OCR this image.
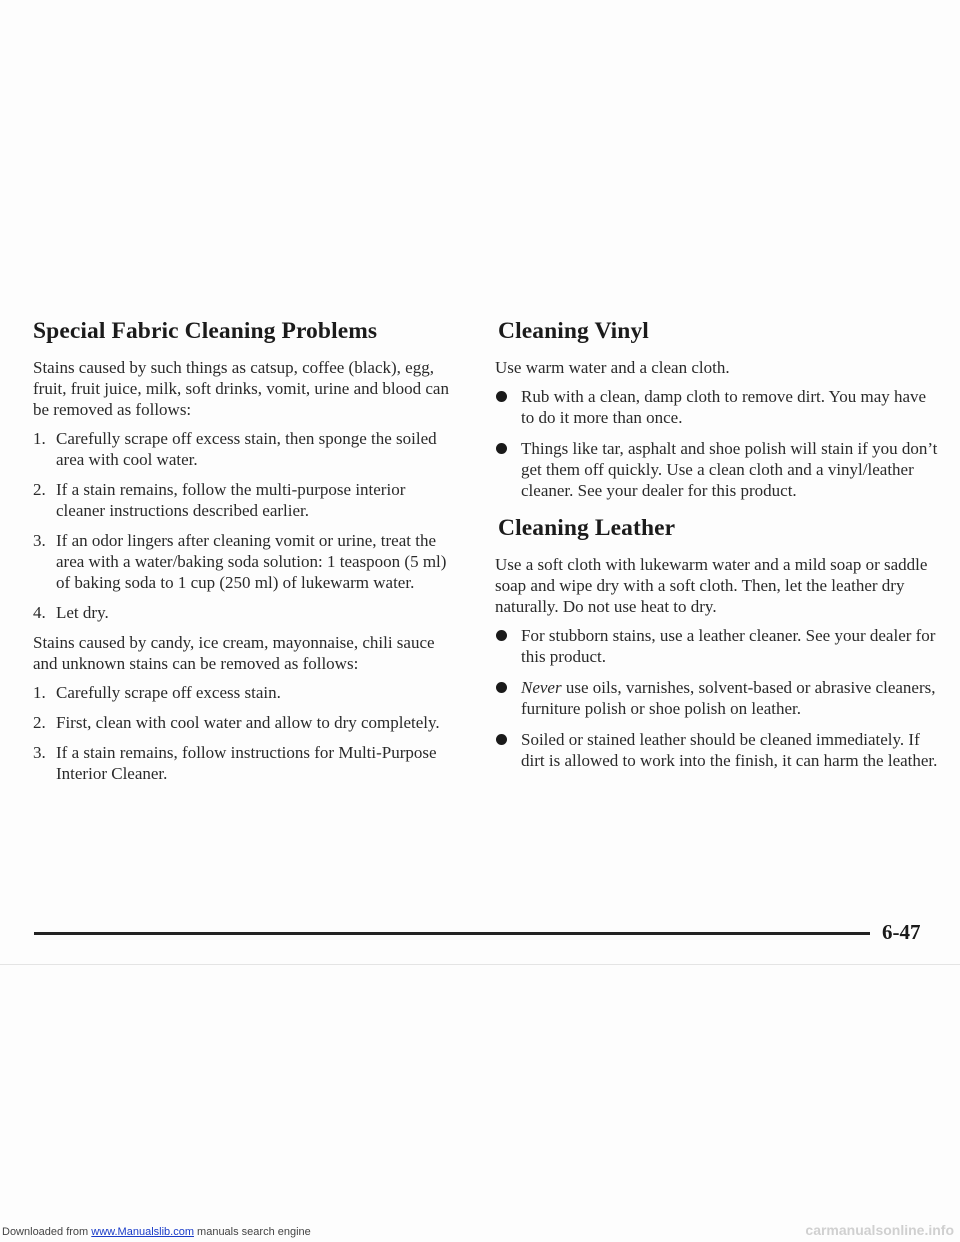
Special Fabric Cleaning Problems

Stains caused by such things as catsup, coffee (black), egg, fruit, fruit juice, milk, soft drinks, vomit, urine and blood can be removed as follows:

1. Carefully scrape off excess stain, then sponge the soiled area with cool water.
2. If a stain remains, follow the multi-purpose interior cleaner instructions described earlier.
3. If an odor lingers after cleaning vomit or urine, treat the area with a water/baking soda solution: 1 teaspoon (5 ml) of baking soda to 1 cup (250 ml) of lukewarm water.
4. Let dry.

Stains caused by candy, ice cream, mayonnaise, chili sauce and unknown stains can be removed as follows:

1. Carefully scrape off excess stain.
2. First, clean with cool water and allow to dry completely.
3. If a stain remains, follow instructions for Multi-Purpose Interior Cleaner.
Cleaning Vinyl

Use warm water and a clean cloth.

Rub with a clean, damp cloth to remove dirt. You may have to do it more than once.
Things like tar, asphalt and shoe polish will stain if you don’t get them off quickly. Use a clean cloth and a vinyl/leather cleaner. See your dealer for this product.
Cleaning Leather

Use a soft cloth with lukewarm water and a mild soap or saddle soap and wipe dry with a soft cloth. Then, let the leather dry naturally. Do not use heat to dry.

For stubborn stains, use a leather cleaner. See your dealer for this product.
Never use oils, varnishes, solvent-based or abrasive cleaners, furniture polish or shoe polish on leather.
Soiled or stained leather should be cleaned immediately. If dirt is allowed to work into the finish, it can harm the leather.
6-47
Downloaded from www.Manualslib.com manuals search engine	carmanualsonline.info
